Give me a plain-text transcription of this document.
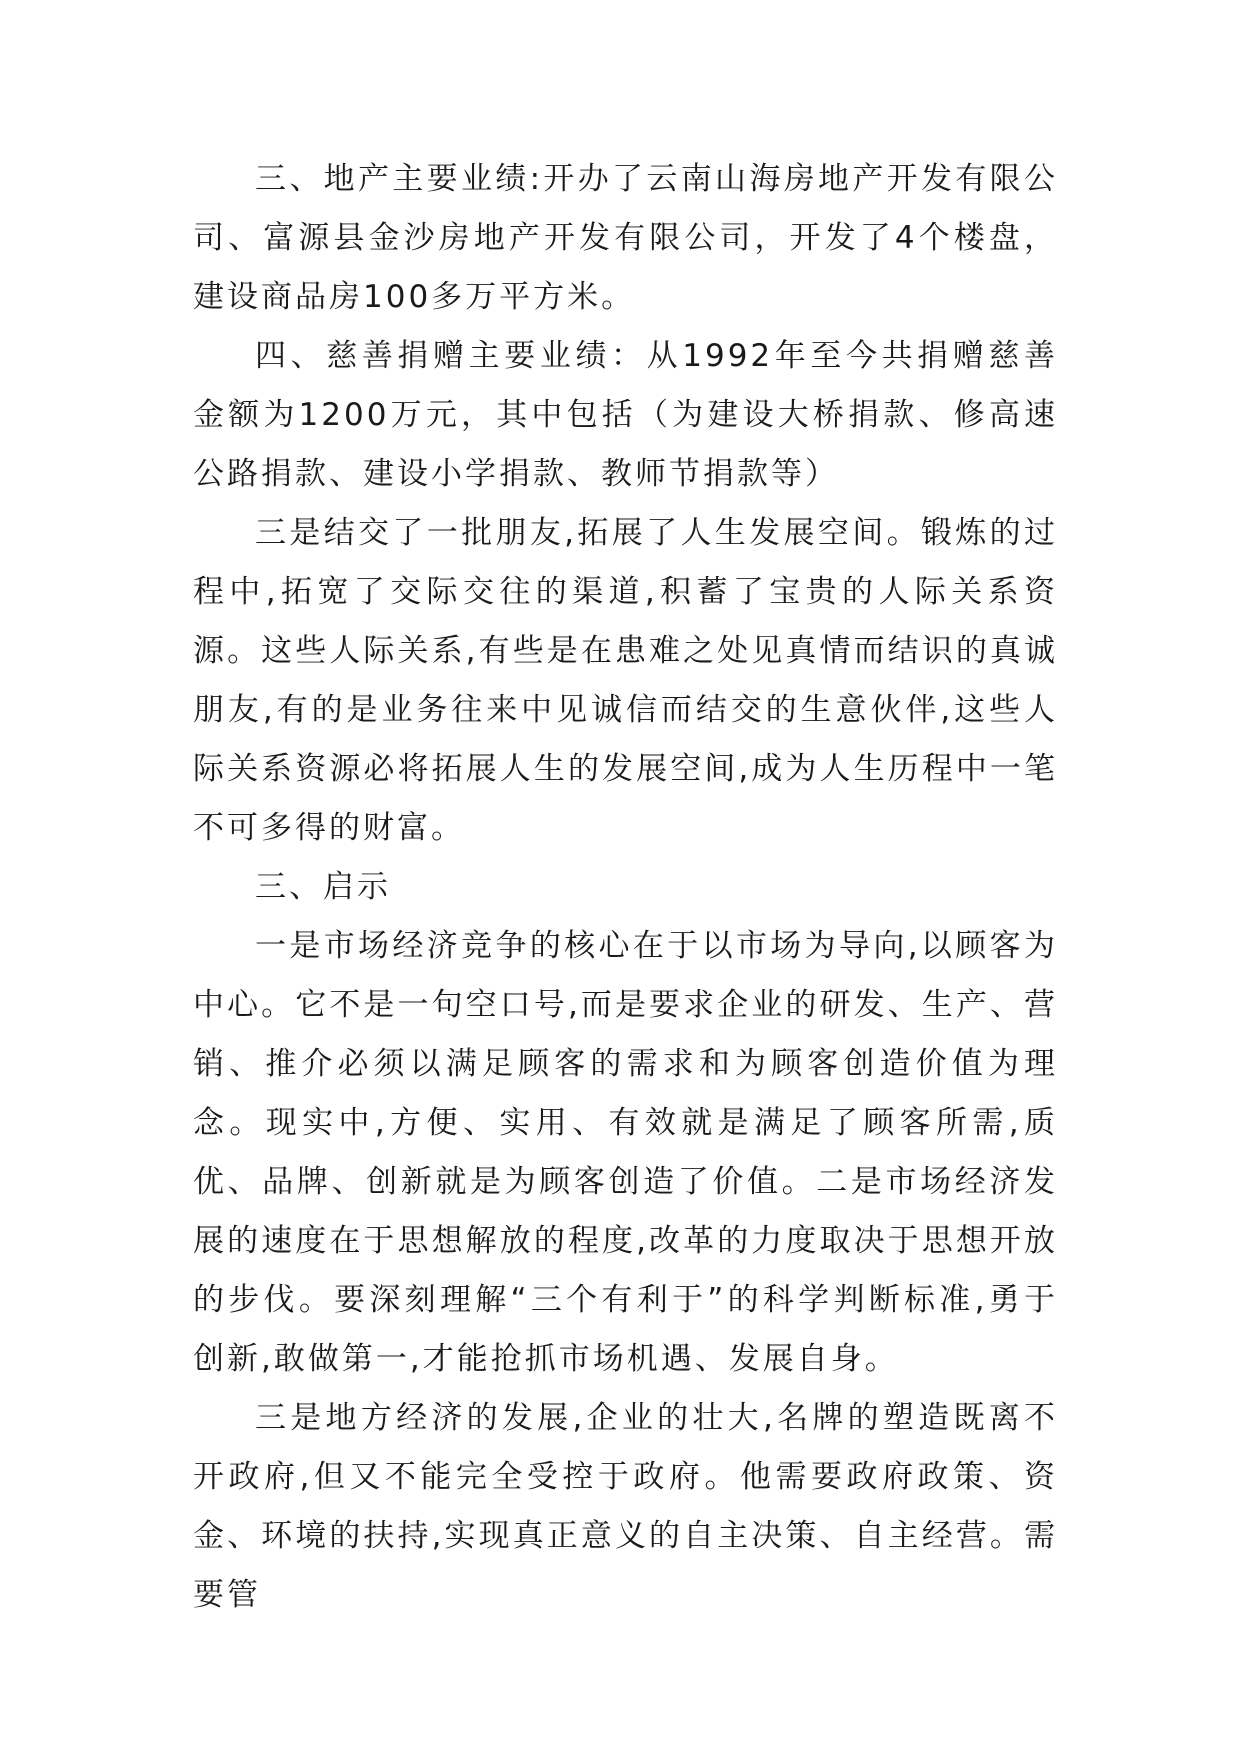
三、地产主要业绩:开办了云南山海房地产开发有限公司、富源县金沙房地产开发有限公司，开发了4个楼盘，建设商品房100多万平方米。

四、慈善捐赠主要业绩：从1992年至今共捐赠慈善金额为1200万元，其中包括（为建设大桥捐款、修高速公路捐款、建设小学捐款、教师节捐款等）

三是结交了一批朋友,拓展了人生发展空间。锻炼的过程中,拓宽了交际交往的渠道,积蓄了宝贵的人际关系资源。这些人际关系,有些是在患难之处见真情而结识的真诚朋友,有的是业务往来中见诚信而结交的生意伙伴,这些人际关系资源必将拓展人生的发展空间,成为人生历程中一笔不可多得的财富。

三、启示

一是市场经济竞争的核心在于以市场为导向,以顾客为中心。它不是一句空口号,而是要求企业的研发、生产、营销、推介必须以满足顾客的需求和为顾客创造价值为理念。现实中,方便、实用、有效就是满足了顾客所需,质优、品牌、创新就是为顾客创造了价值。二是市场经济发展的速度在于思想解放的程度,改革的力度取决于思想开放的步伐。要深刻理解“三个有利于”的科学判断标准,勇于创新,敢做第一,才能抢抓市场机遇、发展自身。

三是地方经济的发展,企业的壮大,名牌的塑造既离不开政府,但又不能完全受控于政府。他需要政府政策、资金、环境的扶持,实现真正意义的自主决策、自主经营。需要管
